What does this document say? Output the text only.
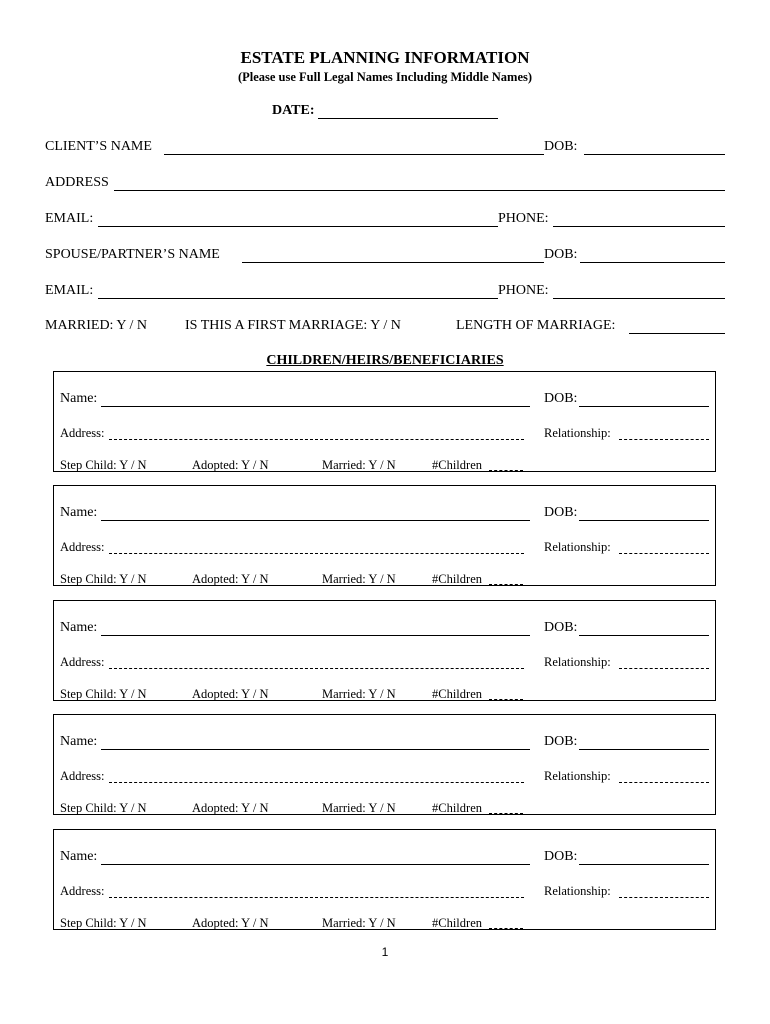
ESTATE PLANNING INFORMATION
(Please use Full Legal Names Including Middle Names)
DATE:
CLIENT’S NAME	DOB:
ADDRESS
EMAIL:	PHONE:
SPOUSE/PARTNER’S NAME	DOB:
EMAIL:	PHONE:
MARRIED: Y / N	IS THIS A FIRST MARRIAGE: Y / N	LENGTH OF MARRIAGE:
CHILDREN/HEIRS/BENEFICIARIES
Name:	DOB:
Address:	Relationship:
Step Child: Y / N	Adopted: Y / N	Married: Y / N	#Children
Name:	DOB:
Address:	Relationship:
Step Child: Y / N	Adopted: Y / N	Married: Y / N	#Children
Name:	DOB:
Address:	Relationship:
Step Child: Y / N	Adopted: Y / N	Married: Y / N	#Children
Name:	DOB:
Address:	Relationship:
Step Child: Y / N	Adopted: Y / N	Married: Y / N	#Children
Name:	DOB:
Address:	Relationship:
Step Child: Y / N	Adopted: Y / N	Married: Y / N	#Children
1
